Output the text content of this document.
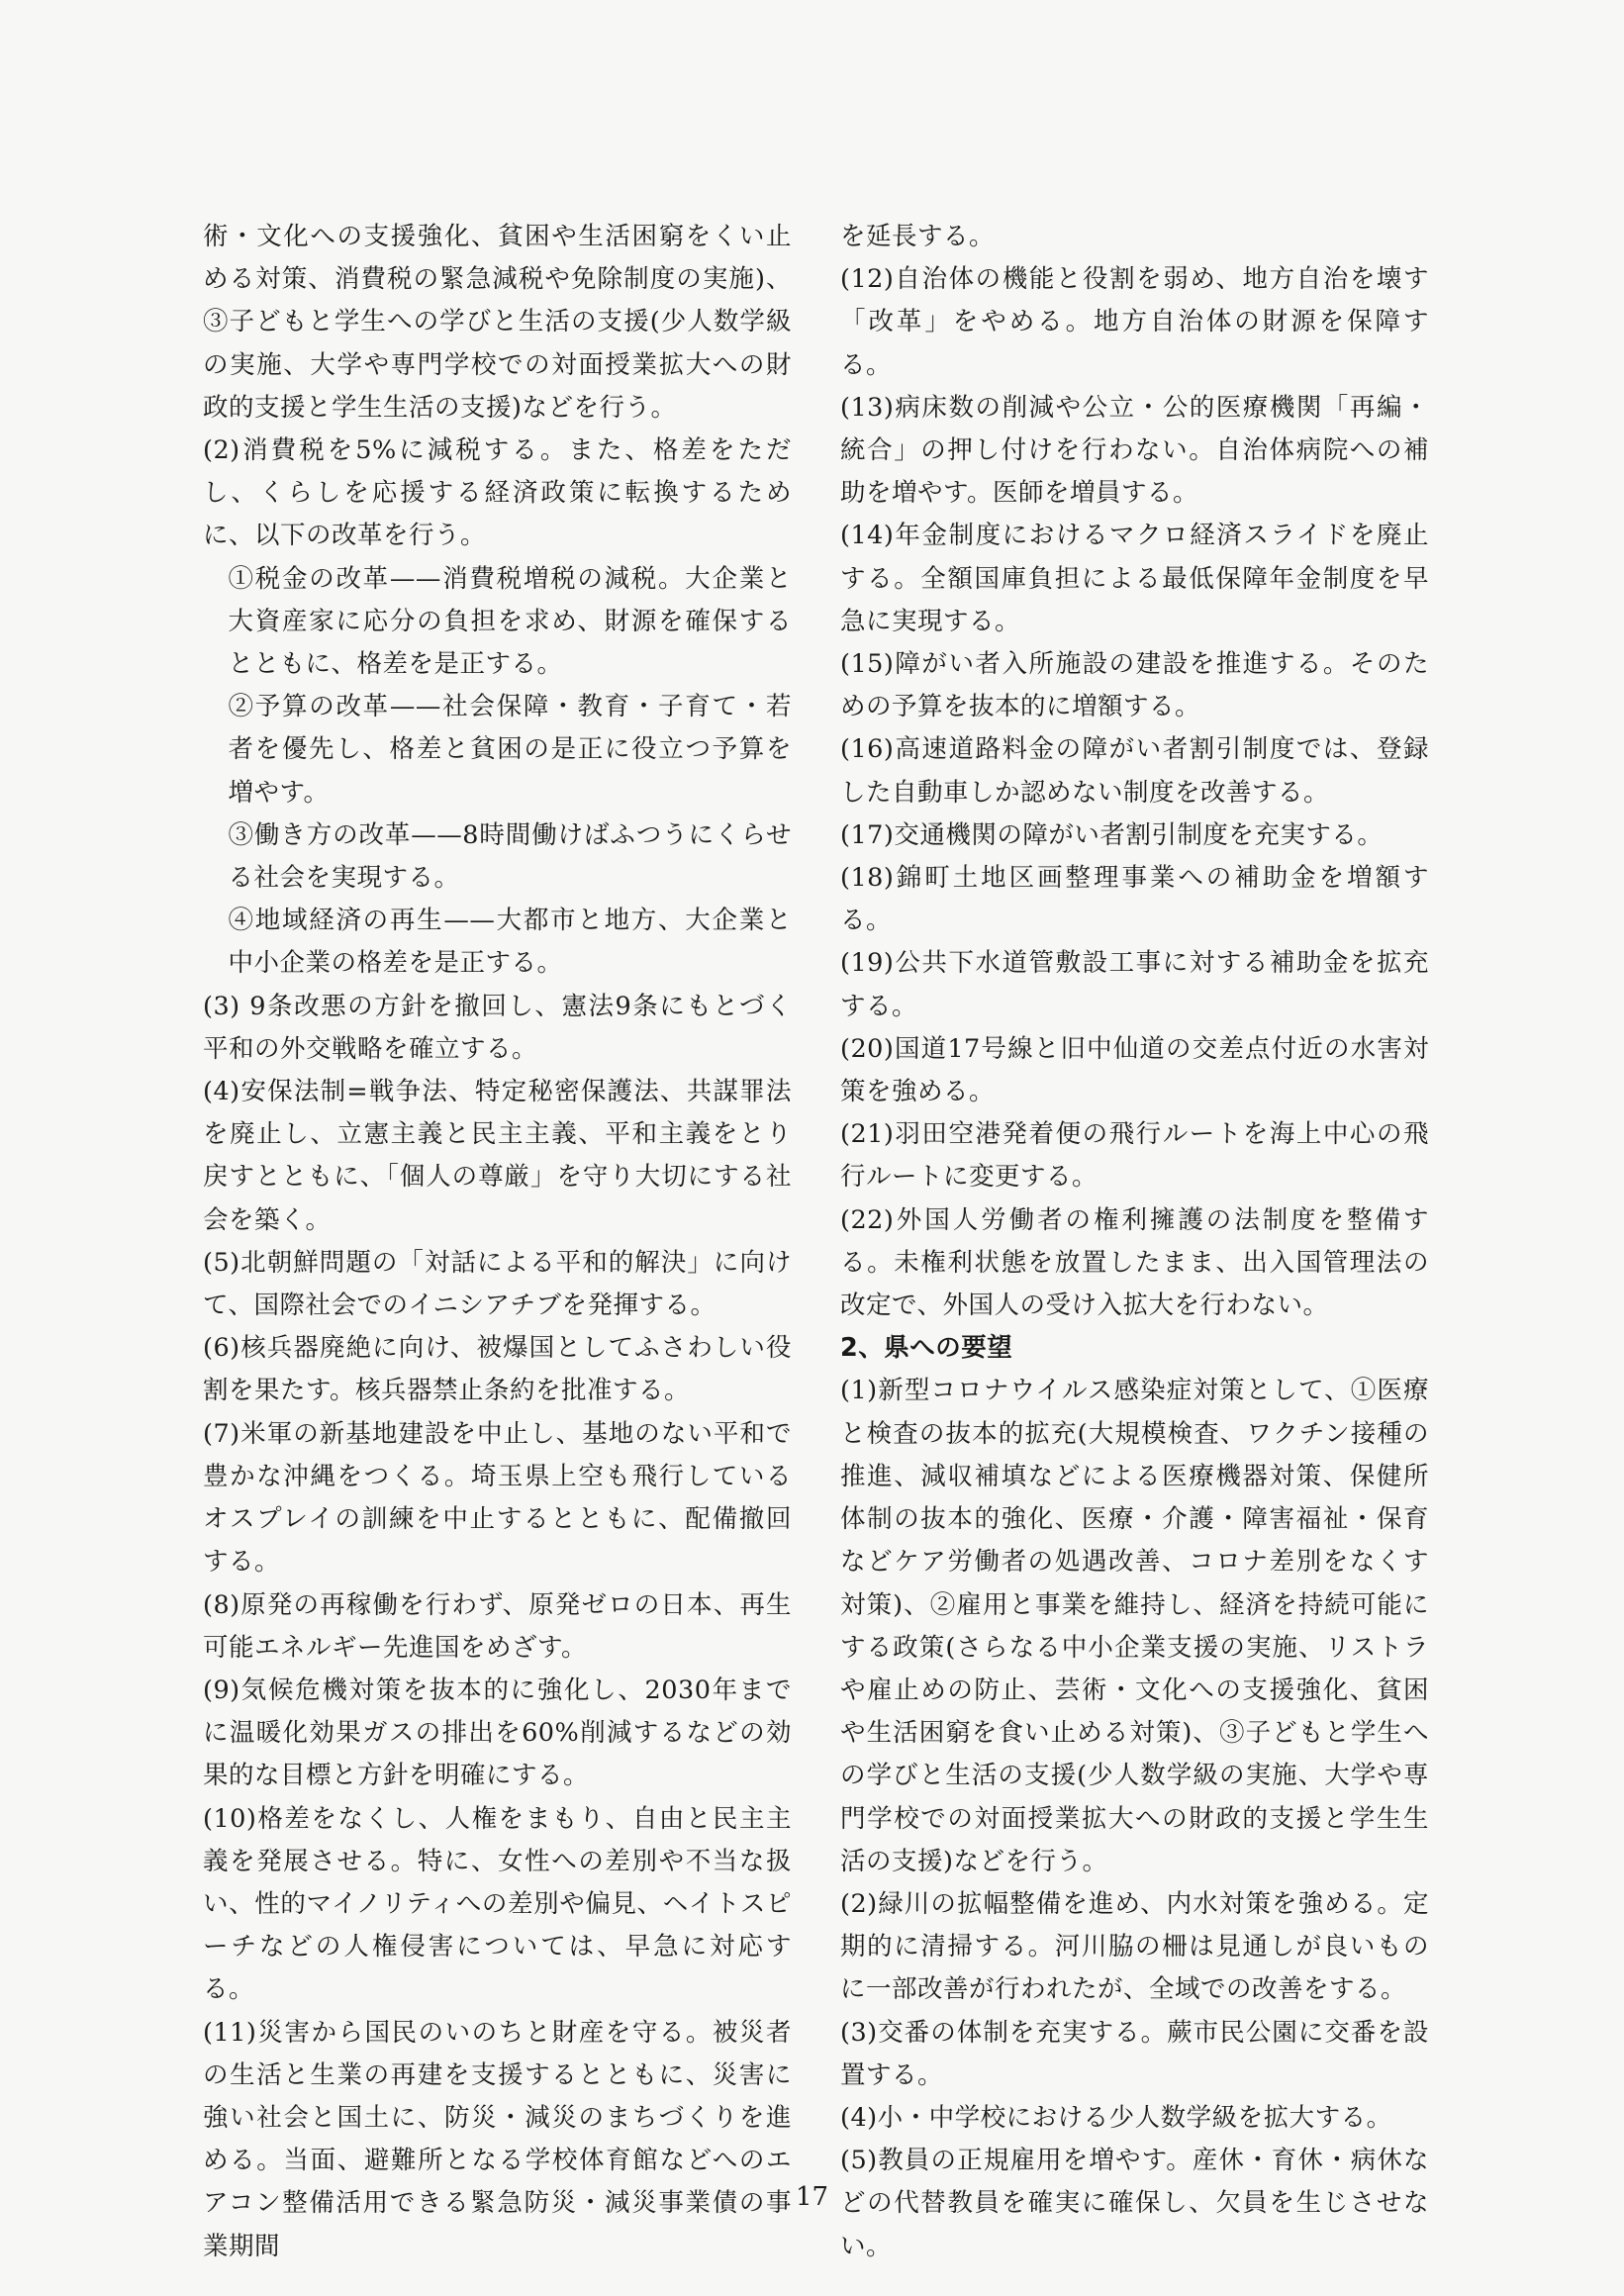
術・文化への支援強化、貧困や生活困窮をくい止める対策、消費税の緊急減税や免除制度の実施)、③子どもと学生への学びと生活の支援(少人数学級の実施、大学や専門学校での対面授業拡大への財政的支援と学生生活の支援)などを行う。

(2)消費税を5%に減税する。また、格差をただし、くらしを応援する経済政策に転換するために、以下の改革を行う。

①税金の改革——消費税増税の減税。大企業と大資産家に応分の負担を求め、財源を確保するとともに、格差を是正する。

②予算の改革——社会保障・教育・子育て・若者を優先し、格差と貧困の是正に役立つ予算を増やす。

③働き方の改革——8時間働けばふつうにくらせる社会を実現する。

④地域経済の再生——大都市と地方、大企業と中小企業の格差を是正する。

(3) 9条改悪の方針を撤回し、憲法9条にもとづく平和の外交戦略を確立する。

(4)安保法制=戦争法、特定秘密保護法、共謀罪法を廃止し、立憲主義と民主主義、平和主義をとり戻すとともに、「個人の尊厳」を守り大切にする社会を築く。

(5)北朝鮮問題の「対話による平和的解決」に向けて、国際社会でのイニシアチブを発揮する。

(6)核兵器廃絶に向け、被爆国としてふさわしい役割を果たす。核兵器禁止条約を批准する。

(7)米軍の新基地建設を中止し、基地のない平和で豊かな沖縄をつくる。埼玉県上空も飛行しているオスプレイの訓練を中止するとともに、配備撤回する。

(8)原発の再稼働を行わず、原発ゼロの日本、再生可能エネルギー先進国をめざす。

(9)気候危機対策を抜本的に強化し、2030年までに温暖化効果ガスの排出を60%削減するなどの効果的な目標と方針を明確にする。

(10)格差をなくし、人権をまもり、自由と民主主義を発展させる。特に、女性への差別や不当な扱い、性的マイノリティへの差別や偏見、ヘイトスピーチなどの人権侵害については、早急に対応する。

(11)災害から国民のいのちと財産を守る。被災者の生活と生業の再建を支援するとともに、災害に強い社会と国土に、防災・減災のまちづくりを進める。当面、避難所となる学校体育館などへのエアコン整備活用できる緊急防災・減災事業債の事業期間

を延長する。

(12)自治体の機能と役割を弱め、地方自治を壊す「改革」をやめる。地方自治体の財源を保障する。

(13)病床数の削減や公立・公的医療機関「再編・統合」の押し付けを行わない。自治体病院への補助を増やす。医師を増員する。

(14)年金制度におけるマクロ経済スライドを廃止する。全額国庫負担による最低保障年金制度を早急に実現する。

(15)障がい者入所施設の建設を推進する。そのための予算を抜本的に増額する。

(16)高速道路料金の障がい者割引制度では、登録した自動車しか認めない制度を改善する。

(17)交通機関の障がい者割引制度を充実する。

(18)錦町土地区画整理事業への補助金を増額する。

(19)公共下水道管敷設工事に対する補助金を拡充する。

(20)国道17号線と旧中仙道の交差点付近の水害対策を強める。

(21)羽田空港発着便の飛行ルートを海上中心の飛行ルートに変更する。

(22)外国人労働者の権利擁護の法制度を整備する。未権利状態を放置したまま、出入国管理法の改定で、外国人の受け入拡大を行わない。

2、県への要望

(1)新型コロナウイルス感染症対策として、①医療と検査の抜本的拡充(大規模検査、ワクチン接種の推進、減収補填などによる医療機器対策、保健所体制の抜本的強化、医療・介護・障害福祉・保育などケア労働者の処遇改善、コロナ差別をなくす対策)、②雇用と事業を維持し、経済を持続可能にする政策(さらなる中小企業支援の実施、リストラや雇止めの防止、芸術・文化への支援強化、貧困や生活困窮を食い止める対策)、③子どもと学生への学びと生活の支援(少人数学級の実施、大学や専門学校での対面授業拡大への財政的支援と学生生活の支援)などを行う。

(2)緑川の拡幅整備を進め、内水対策を強める。定期的に清掃する。河川脇の柵は見通しが良いものに一部改善が行われたが、全域での改善をする。

(3)交番の体制を充実する。蕨市民公園に交番を設置する。

(4)小・中学校における少人数学級を拡大する。

(5)教員の正規雇用を増やす。産休・育休・病休などの代替教員を確実に確保し、欠員を生じさせない。

17
